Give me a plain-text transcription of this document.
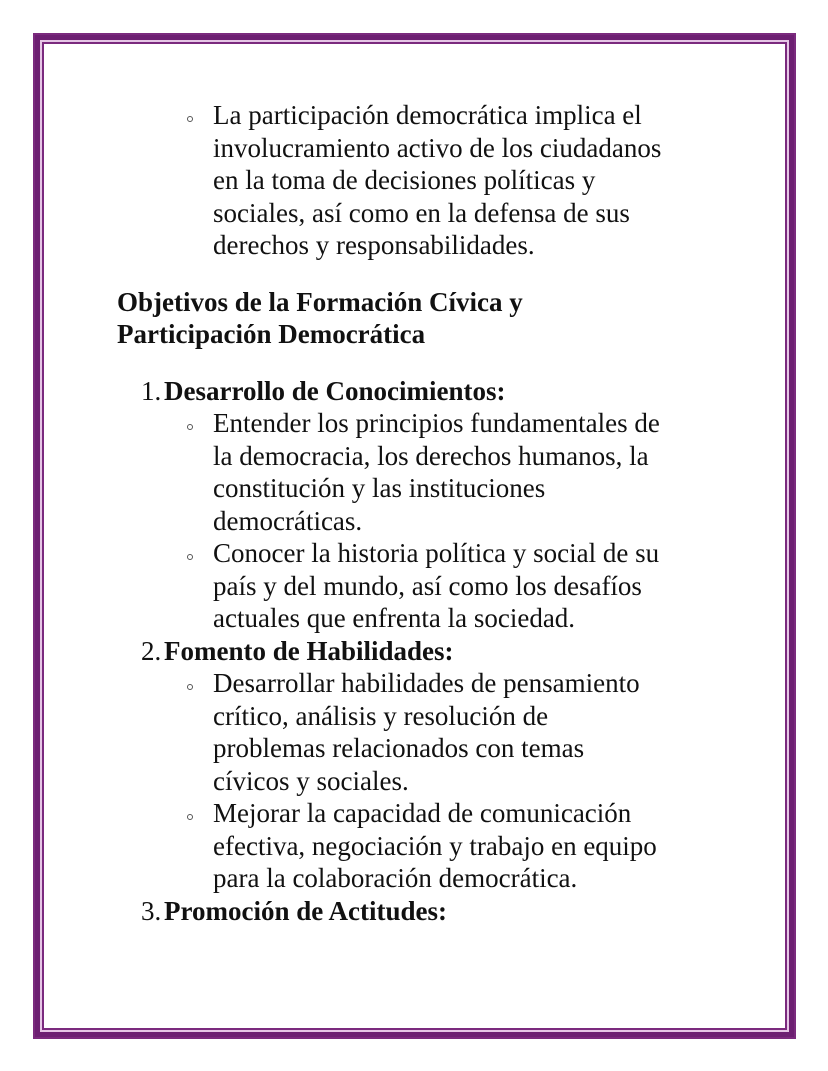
La participación democrática implica el
involucramiento activo de los ciudadanos
en la toma de decisiones políticas y
sociales, así como en la defensa de sus
derechos y responsabilidades.
Objetivos de la Formación Cívica y
Participación Democrática
1. Desarrollo de Conocimientos:
Entender los principios fundamentales de
la democracia, los derechos humanos, la
constitución y las instituciones
democráticas.
Conocer la historia política y social de su
país y del mundo, así como los desafíos
actuales que enfrenta la sociedad.
2. Fomento de Habilidades:
Desarrollar habilidades de pensamiento
crítico, análisis y resolución de
problemas relacionados con temas
cívicos y sociales.
Mejorar la capacidad de comunicación
efectiva, negociación y trabajo en equipo
para la colaboración democrática.
3. Promoción de Actitudes:
